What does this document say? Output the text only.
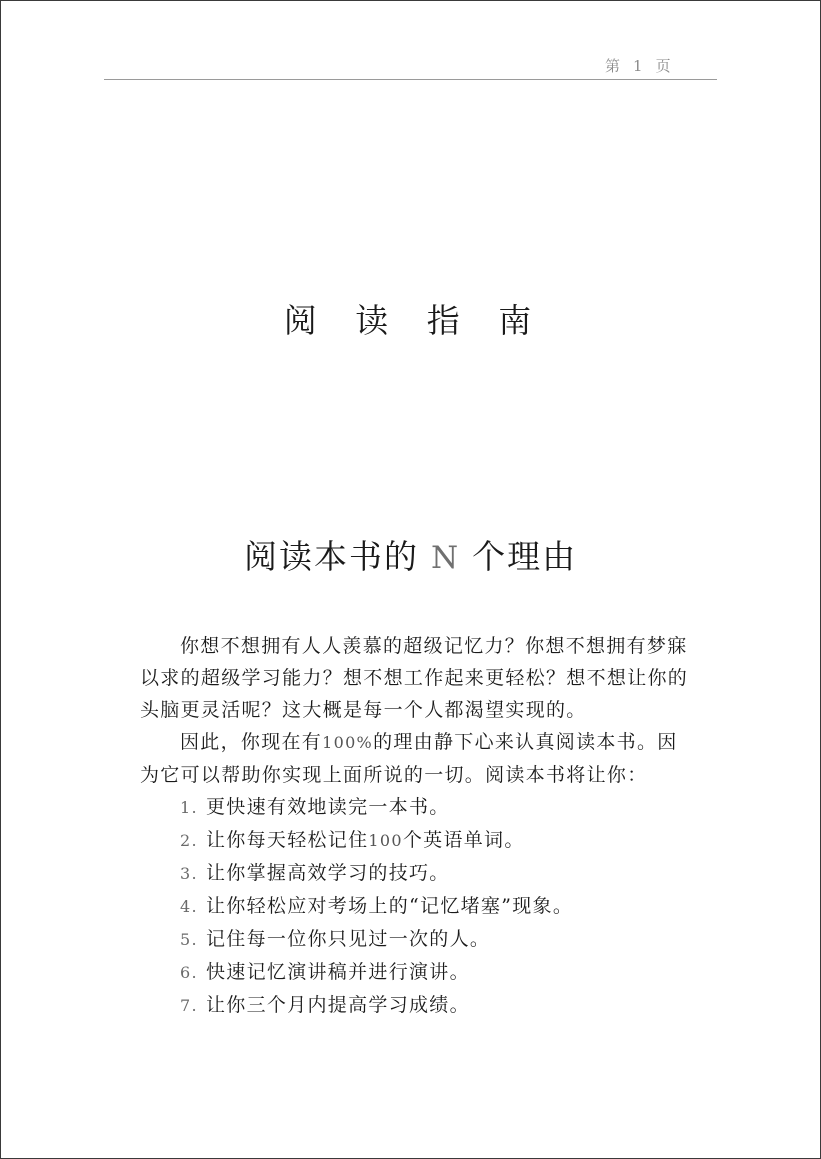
第 1 页
阅 读 指 南
阅读本书的 N 个理由

你想不想拥有人人羡慕的超级记忆力？你想不想拥有梦寐以求的超级学习能力？想不想工作起来更轻松？想不想让你的头脑更灵活呢？这大概是每一个人都渴望实现的。

因此，你现在有100%的理由静下心来认真阅读本书。因为它可以帮助你实现上面所说的一切。阅读本书将让你：

1. 更快速有效地读完一本书。
2. 让你每天轻松记住100个英语单词。
3. 让你掌握高效学习的技巧。
4. 让你轻松应对考场上的“记忆堵塞”现象。
5. 记住每一位你只见过一次的人。
6. 快速记忆演讲稿并进行演讲。
7. 让你三个月内提高学习成绩。
